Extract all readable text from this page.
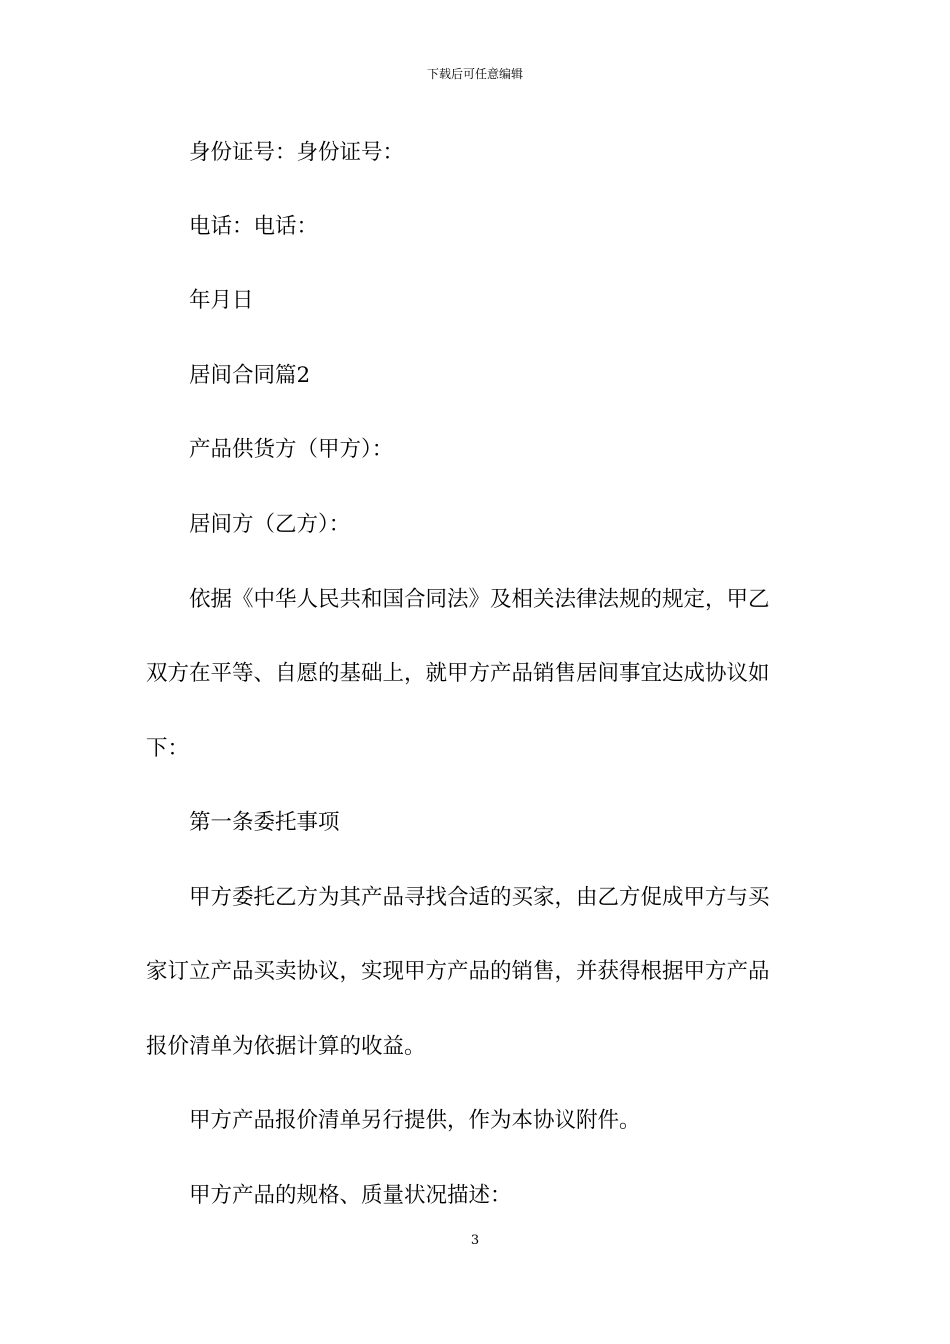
下载后可任意编辑
身份证号：身份证号：
电话：电话：
年月日
居间合同篇2
产品供货方（甲方）：
居间方（乙方）：
依据《中华人民共和国合同法》及相关法律法规的规定，甲乙
双方在平等、自愿的基础上，就甲方产品销售居间事宜达成协议如
下：
第一条委托事项
甲方委托乙方为其产品寻找合适的买家，由乙方促成甲方与买
家订立产品买卖协议，实现甲方产品的销售，并获得根据甲方产品
报价清单为依据计算的收益。
甲方产品报价清单另行提供，作为本协议附件。
甲方产品的规格、质量状况描述：
3
